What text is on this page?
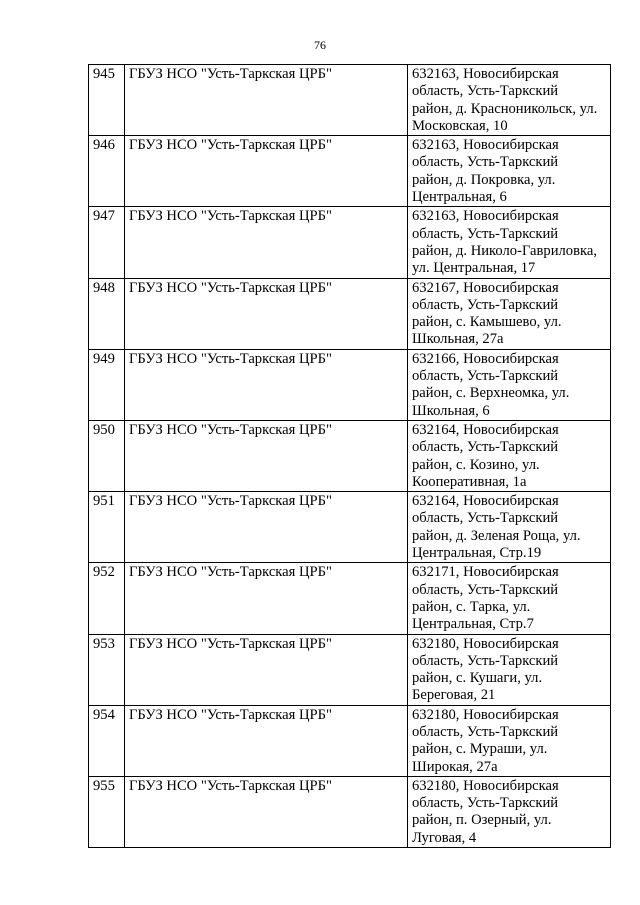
76
945	ГБУЗ НСО "Усть-Таркская ЦРБ"	632163, Новосибирская
область, Усть-Таркский
район, д. Красноникольск, ул.
Московская, 10
946	ГБУЗ НСО "Усть-Таркская ЦРБ"	632163, Новосибирская
область, Усть-Таркский
район, д. Покровка, ул.
Центральная, 6
947	ГБУЗ НСО "Усть-Таркская ЦРБ"	632163, Новосибирская
область, Усть-Таркский
район, д. Николо-Гавриловка,
ул. Центральная, 17
948	ГБУЗ НСО "Усть-Таркская ЦРБ"	632167, Новосибирская
область, Усть-Таркский
район, с. Камышево, ул.
Школьная, 27а
949	ГБУЗ НСО "Усть-Таркская ЦРБ"	632166, Новосибирская
область, Усть-Таркский
район, с. Верхнеомка, ул.
Школьная, 6
950	ГБУЗ НСО "Усть-Таркская ЦРБ"	632164, Новосибирская
область, Усть-Таркский
район, с. Козино, ул.
Кооперативная, 1а
951	ГБУЗ НСО "Усть-Таркская ЦРБ"	632164, Новосибирская
область, Усть-Таркский
район, д. Зеленая Роща, ул.
Центральная, Стр.19
952	ГБУЗ НСО "Усть-Таркская ЦРБ"	632171, Новосибирская
область, Усть-Таркский
район, с. Тарка, ул.
Центральная, Стр.7
953	ГБУЗ НСО "Усть-Таркская ЦРБ"	632180, Новосибирская
область, Усть-Таркский
район, с. Кушаги, ул.
Береговая, 21
954	ГБУЗ НСО "Усть-Таркская ЦРБ"	632180, Новосибирская
область, Усть-Таркский
район, с. Мураши, ул.
Широкая, 27а
955	ГБУЗ НСО "Усть-Таркская ЦРБ"	632180, Новосибирская
область, Усть-Таркский
район, п. Озерный, ул.
Луговая, 4
